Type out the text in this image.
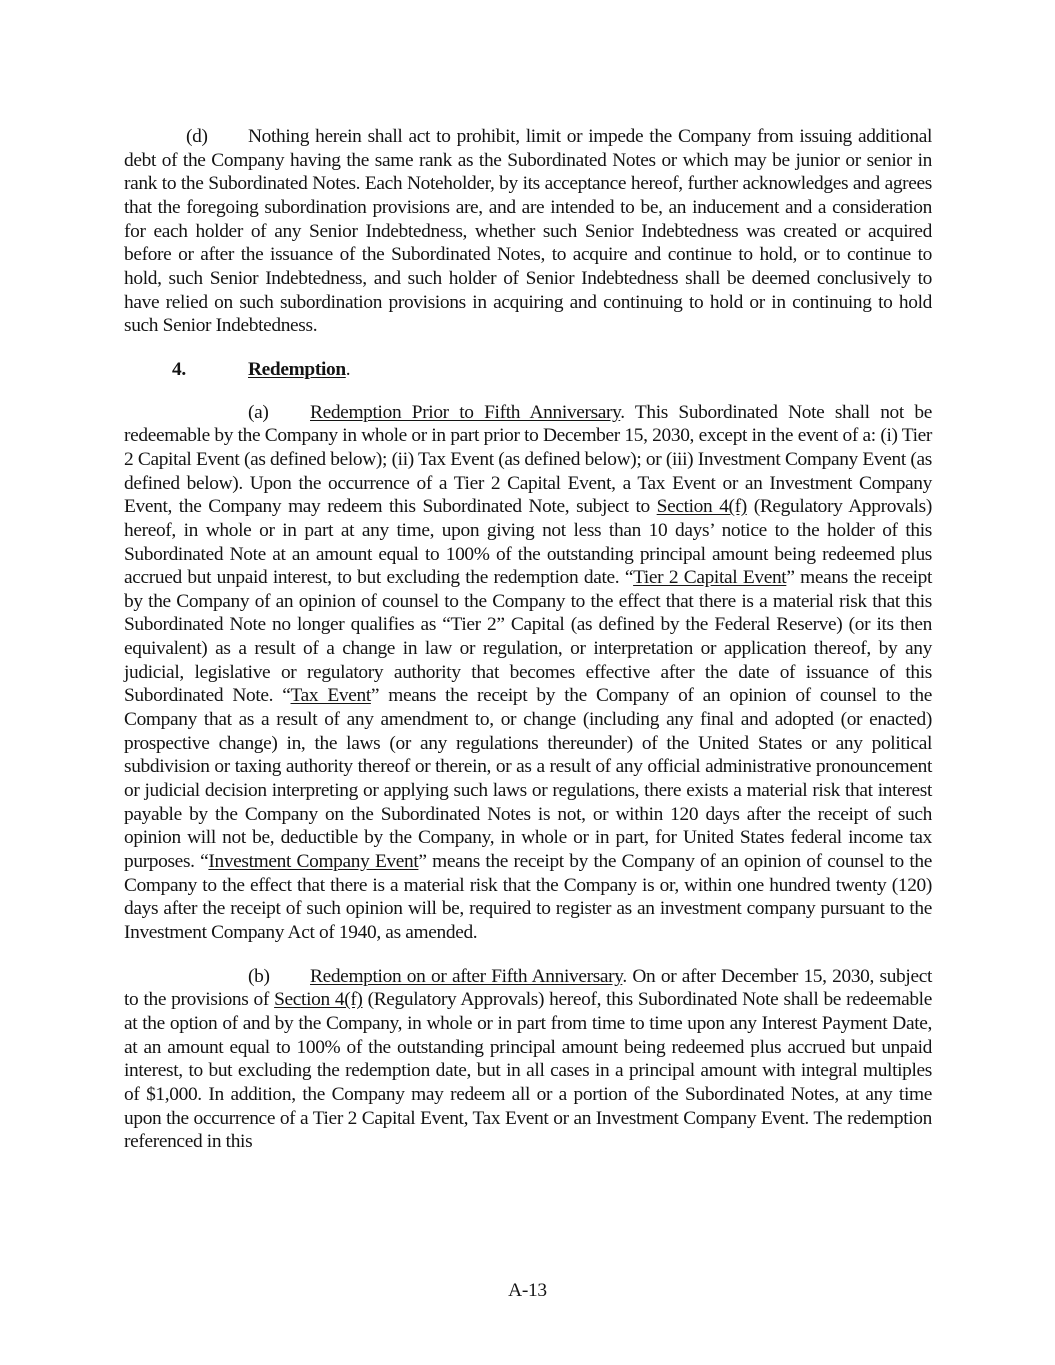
(d) Nothing herein shall act to prohibit, limit or impede the Company from issuing additional debt of the Company having the same rank as the Subordinated Notes or which may be junior or senior in rank to the Subordinated Notes. Each Noteholder, by its acceptance hereof, further acknowledges and agrees that the foregoing subordination provisions are, and are intended to be, an inducement and a consideration for each holder of any Senior Indebtedness, whether such Senior Indebtedness was created or acquired before or after the issuance of the Subordinated Notes, to acquire and continue to hold, or to continue to hold, such Senior Indebtedness, and such holder of Senior Indebtedness shall be deemed conclusively to have relied on such subordination provisions in acquiring and continuing to hold or in continuing to hold such Senior Indebtedness.

4.	Redemption.

(a) Redemption Prior to Fifth Anniversary. This Subordinated Note shall not be redeemable by the Company in whole or in part prior to December 15, 2030, except in the event of a: (i) Tier 2 Capital Event (as defined below); (ii) Tax Event (as defined below); or (iii) Investment Company Event (as defined below). Upon the occurrence of a Tier 2 Capital Event, a Tax Event or an Investment Company Event, the Company may redeem this Subordinated Note, subject to Section 4(f) (Regulatory Approvals) hereof, in whole or in part at any time, upon giving not less than 10 days’ notice to the holder of this Subordinated Note at an amount equal to 100% of the outstanding principal amount being redeemed plus accrued but unpaid interest, to but excluding the redemption date. “Tier 2 Capital Event” means the receipt by the Company of an opinion of counsel to the Company to the effect that there is a material risk that this Subordinated Note no longer qualifies as “Tier 2” Capital (as defined by the Federal Reserve) (or its then equivalent) as a result of a change in law or regulation, or interpretation or application thereof, by any judicial, legislative or regulatory authority that becomes effective after the date of issuance of this Subordinated Note. “Tax Event” means the receipt by the Company of an opinion of counsel to the Company that as a result of any amendment to, or change (including any final and adopted (or enacted) prospective change) in, the laws (or any regulations thereunder) of the United States or any political subdivision or taxing authority thereof or therein, or as a result of any official administrative pronouncement or judicial decision interpreting or applying such laws or regulations, there exists a material risk that interest payable by the Company on the Subordinated Notes is not, or within 120 days after the receipt of such opinion will not be, deductible by the Company, in whole or in part, for United States federal income tax purposes. “Investment Company Event” means the receipt by the Company of an opinion of counsel to the Company to the effect that there is a material risk that the Company is or, within one hundred twenty (120) days after the receipt of such opinion will be, required to register as an investment company pursuant to the Investment Company Act of 1940, as amended.

(b) Redemption on or after Fifth Anniversary. On or after December 15, 2030, subject to the provisions of Section 4(f) (Regulatory Approvals) hereof, this Subordinated Note shall be redeemable at the option of and by the Company, in whole or in part from time to time upon any Interest Payment Date, at an amount equal to 100% of the outstanding principal amount being redeemed plus accrued but unpaid interest, to but excluding the redemption date, but in all cases in a principal amount with integral multiples of $1,000. In addition, the Company may redeem all or a portion of the Subordinated Notes, at any time upon the occurrence of a Tier 2 Capital Event, Tax Event or an Investment Company Event. The redemption referenced in this

A-13
